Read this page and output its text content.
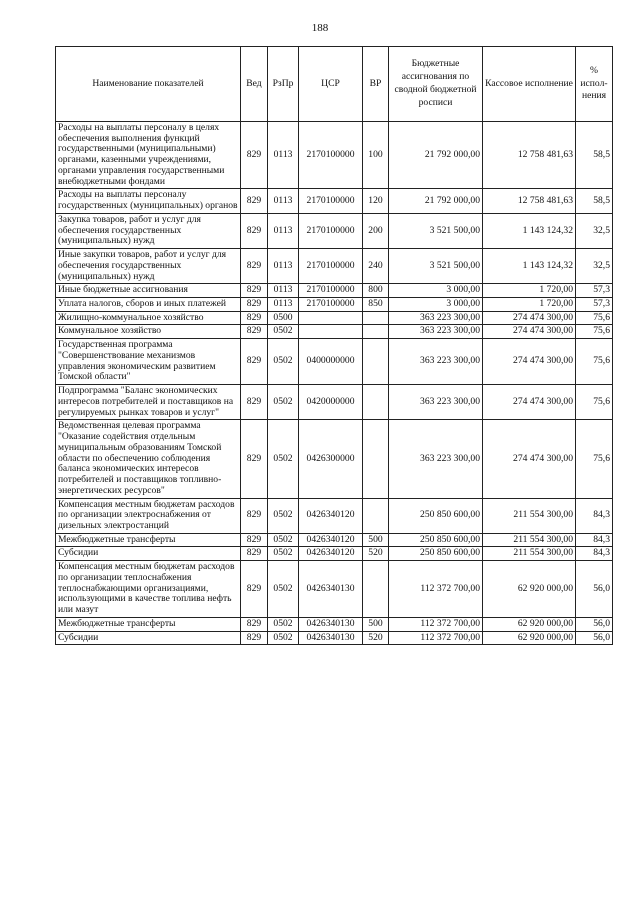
188
Наименование показателей	Вед	РзПр	ЦСР	ВР	Бюджетные ассигнования по сводной бюджетной росписи	Кассовое исполнение	% испол-нения
Расходы на выплаты персоналу в целях обеспечения выполнения функций государственными (муниципальными) органами, казенными учреждениями, органами управления государственными внебюджетными фондами	829	0113	2170100000	100	21 792 000,00	12 758 481,63	58,5
Расходы на выплаты персоналу государственных (муниципальных) органов	829	0113	2170100000	120	21 792 000,00	12 758 481,63	58,5
Закупка товаров, работ и услуг для обеспечения государственных (муниципальных) нужд	829	0113	2170100000	200	3 521 500,00	1 143 124,32	32,5
Иные закупки товаров, работ и услуг для обеспечения государственных (муниципальных) нужд	829	0113	2170100000	240	3 521 500,00	1 143 124,32	32,5
Иные бюджетные ассигнования	829	0113	2170100000	800	3 000,00	1 720,00	57,3
Уплата налогов, сборов и иных платежей	829	0113	2170100000	850	3 000,00	1 720,00	57,3
Жилищно-коммунальное хозяйство	829	0500			363 223 300,00	274 474 300,00	75,6
Коммунальное хозяйство	829	0502			363 223 300,00	274 474 300,00	75,6
Государственная программа "Совершенствование механизмов управления экономическим развитием Томской области"	829	0502	0400000000		363 223 300,00	274 474 300,00	75,6
Подпрограмма "Баланс экономических интересов потребителей и поставщиков на регулируемых рынках товаров и услуг"	829	0502	0420000000		363 223 300,00	274 474 300,00	75,6
Ведомственная целевая программа "Оказание содействия отдельным муниципальным образованиям Томской области по обеспечению соблюдения баланса экономических интересов потребителей и поставщиков топливно-энергетических ресурсов"	829	0502	0426300000		363 223 300,00	274 474 300,00	75,6
Компенсация местным бюджетам расходов по организации электроснабжения от дизельных электростанций	829	0502	0426340120		250 850 600,00	211 554 300,00	84,3
Межбюджетные трансферты	829	0502	0426340120	500	250 850 600,00	211 554 300,00	84,3
Субсидии	829	0502	0426340120	520	250 850 600,00	211 554 300,00	84,3
Компенсация местным бюджетам расходов по организации теплоснабжения теплоснабжающими организациями, использующими в качестве топлива нефть или мазут	829	0502	0426340130		112 372 700,00	62 920 000,00	56,0
Межбюджетные трансферты	829	0502	0426340130	500	112 372 700,00	62 920 000,00	56,0
Субсидии	829	0502	0426340130	520	112 372 700,00	62 920 000,00	56,0
